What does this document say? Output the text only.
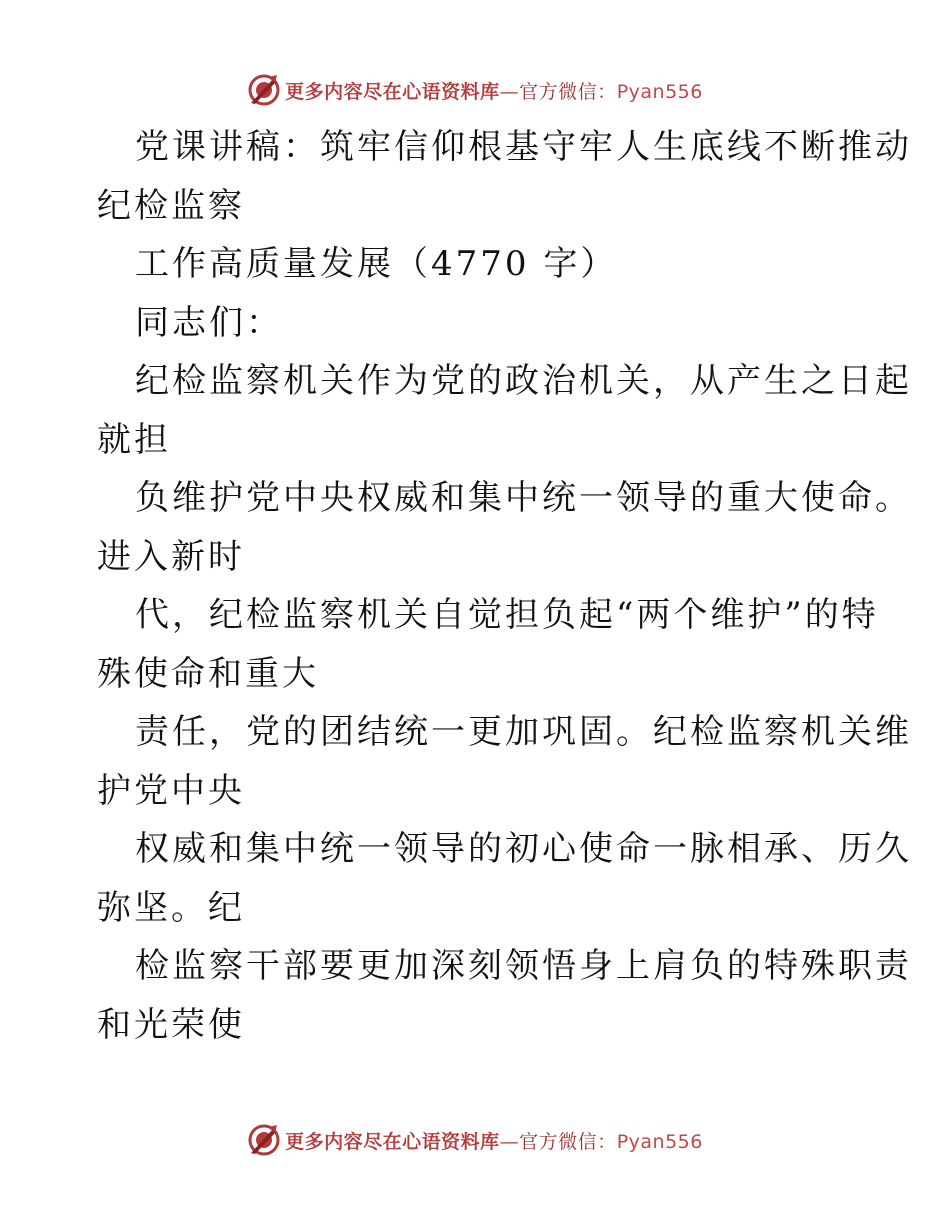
更多内容尽在心语资料库—官方微信：Pyan556
党课讲稿：筑牢信仰根基守牢人生底线不断推动
纪检监察
工作高质量发展（4770 字）
同志们：
纪检监察机关作为党的政治机关，从产生之日起
就担
负维护党中央权威和集中统一领导的重大使命。
进入新时
代，纪检监察机关自觉担负起“两个维护”的特
殊使命和重大
责任，党的团结统一更加巩固。纪检监察机关维
护党中央
权威和集中统一领导的初心使命一脉相承、历久
弥坚。纪
检监察干部要更加深刻领悟身上肩负的特殊职责
和光荣使
更多内容尽在心语资料库—官方微信：Pyan556
